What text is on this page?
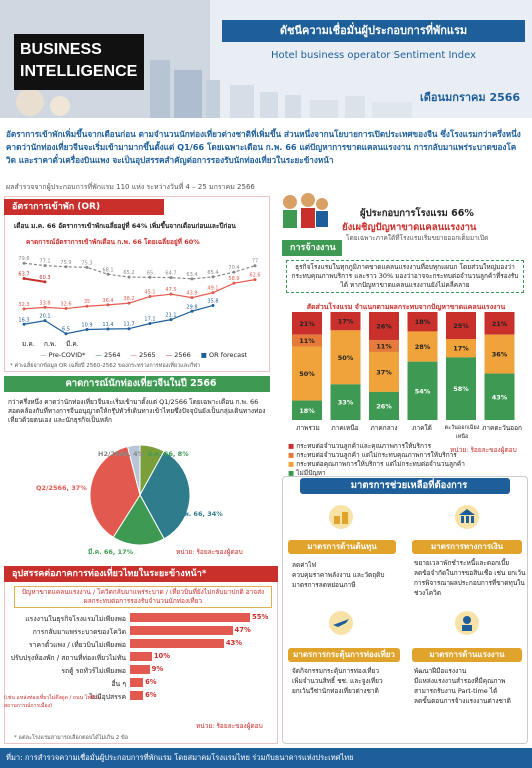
BUSINESS
INTELLIGENCE
ดัชนีความเชื่อมั่นผู้ประกอบการที่พักแรม
Hotel business operator Sentiment Index
เดือนมกราคม 2566
อัตราการเข้าพักเพิ่มขึ้นจากเดือนก่อน ตามจำนวนนักท่องเที่ยวต่างชาติที่เพิ่มขึ้น ส่วนหนึ่งจากนโยบายการเปิดประเทศของจีน ซึ่งโรงแรมกว่าครึ่งหนึ่งคาดว่านักท่องเที่ยวจีนจะเริ่มเข้ามามากขึ้นตั้งแต่ Q1/66 โดยเฉพาะเดือน ก.พ. 66 แต่ปัญหาการขาดแคลนแรงงาน การกลับมาแพร่ระบาดของโควิด และราคาตั๋วเครื่องบินแพง จะเป็นอุปสรรคสำคัญต่อการรองรับนักท่องเที่ยวในระยะข้างหน้า
ผลสำรวจจากผู้ประกอบการที่พักแรม 110 แห่ง ระหว่างวันที่ 4 – 25 มกราคม 2566
อัตราการเข้าพัก (OR)
เดือน ม.ค. 66 อัตราการเข้าพักเฉลี่ยอยู่ที่ 64% เพิ่มขึ้นจากเดือนก่อนและปีก่อน
คาดการณ์อัตราการเข้าพักเดือน ก.พ. 66 โดยเฉลี่ยอยู่ที่ 60%
79.6 77.1 75.9 75.3
68.1 65.2 65 64.7 63.4 65.4
70.4
77
32.3 33.8 32.6 35 36.4 38.2
45.1 47.5
43.9
49.1
58.9
62.6
16.3
20.1
6.5
10.9 11.4 11.7
17.1
21.1
29.8
35.8
63.7
60.3
ม.ค. ก.พ. มี.ค.
— Pre-COVID* — 2564 — 2565 — 2566 ■ OR forecast
* ค่าเฉลี่ยจากข้อมูล OR เฉลี่ยปี 2560-2562 ของกระทรวงการท่องเที่ยวและกีฬา
คาดการณ์นักท่องเที่ยวจีนในปี 2566
กว่าครึ่งหนึ่ง คาดว่านักท่องเที่ยวจีนจะเริ่มเข้ามาตั้งแต่ Q1/2566 โดยเฉพาะเดือน ก.พ. 66 สอดคล้องกับที่ทางการจีนอนุญาตให้กรุ๊ปทัวร์เดินทางเข้าไทยซึ่งปัจจุบันยังเป็นกลุ่มเดินทางท่องเที่ยวด้วยตนเอง และนักธุรกิจเป็นหลัก
ม.ค. 66, 8%
ก.พ. 66, 34%
มี.ค. 66, 17%
Q2/2566, 37%
H2/2566, 4%
หน่วย: ร้อยละของผู้ตอบ
ผู้ประกอบการโรงแรม 66%
ยังเผชิญปัญหาขาดแคลนแรงงาน
โดยเฉพาะภาคใต้ที่โรงแรมเริ่มขยายออกเต็มมาเปิด
การจ้างงาน
ธุรกิจโรงแรมในทุกภูมิภาคขาดแคลนแรงงานที่อบทุกแผนก โดยส่วนใหญ่มองว่ากระทบคุณภาพบริการ และราว 30% มองว่าอาจจะกระทบต่อจำนวนลูกค้าที่รองรับได้ หากปัญหาขาดแคลนแรงงานยังไม่คลี่คลาย
สัดส่วนโรงแรม จำแนกตามผลกระทบจากปัญหาขาดแคลนแรงงาน
21%
11%
50%
18%
17%
50%
33%
26%
11%
37%
26%
18%
28%
54%
25%
17%
58%
21%
36%
43%
ภาพรวม	ภาคเหนือ	ภาคกลาง	ภาคใต้	ตะวันออกเฉียงเหนือ
ภาคตะวันออก
■ กระทบต่อจำนวนลูกค้าและคุณภาพการให้บริการ
■ กระทบต่อจำนวนลูกค้า แต่ไม่กระทบคุณภาพการให้บริการ
■ กระทบต่อคุณภาพการให้บริการ แต่ไม่กระทบต่อจำนวนลูกค้า
■ ไม่มีปัญหา
หน่วย: ร้อยละของผู้ตอบ
อุปสรรคต่อภาคการท่องเที่ยวไทยในระยะข้างหน้า*
ปัญหาขาดแคลนแรงงาน / โควิดกลับมาแพร่ระบาด / เที่ยวบินที่ยังไม่กลับมาปกติ อาจส่งผลกระทบต่อการรองรับจำนวนนักท่องเที่ยว
แรงงานในธุรกิจโรงแรมไม่เพียงพอ	55%
การกลับมาแพร่ระบาดของโควิด	47%
ราคาตั๋วแพง / เที่ยวบินไม่เพียงพอ	43%
ปรับปรุงห้องพัก / สถานที่ท่องเที่ยวไม่ทัน	10%
รถตู้ รถทัวร์ไม่เพียงพอ	9%
อื่น ๆ	6%
ไม่มีอุปสรรค	6%
(เช่น แหล่งท่องเที่ยวไม่ดึงดูด / ถนน ไฟฟ้า / สถานการณ์การเมือง)
หน่วย: ร้อยละของผู้ตอบ
* แต่ละโรงแรมสามารถเลือกตอบได้ไม่เกิน 2 ข้อ
มาตรการช่วยเหลือที่ต้องการ
มาตรการด้านต้นทุน
ลดค่าไฟ
ควบคุมราคาพลังงาน และวัตถุดิบ
มาตรการลดหย่อนภาษี
มาตรการทางการเงิน
ขยายเวลาพักชำระหนี้และดอกเบี้ย
ลดข้อจำกัดในการขอสินเชื่อ เช่น ยกเว้นการพิจารณาผลประกอบการที่ขาดทุนในช่วงโควิด
มาตรการกระตุ้นการท่องเที่ยว
จัดกิจกรรมกระตุ้นการท่องเที่ยว
เพิ่มจำนวนสิทธิ์ ชช. และจูงเที่ยว
ยกเว้นวีซ่านักท่องเที่ยวต่างชาติ
มาตรการด้านแรงงาน
พัฒนาฝีมือแรงงาน
มีแหล่งแรงงานสำรองที่มีคุณภาพ สามารถรับงาน Part-time ได้
ลดขั้นตอนการจ้างแรงงานต่างชาติ
ที่มา: การสำรวจความเชื่อมั่นผู้ประกอบการที่พักแรม โดยสมาคมโรงแรมไทย ร่วมกับธนาคารแห่งประเทศไทย
